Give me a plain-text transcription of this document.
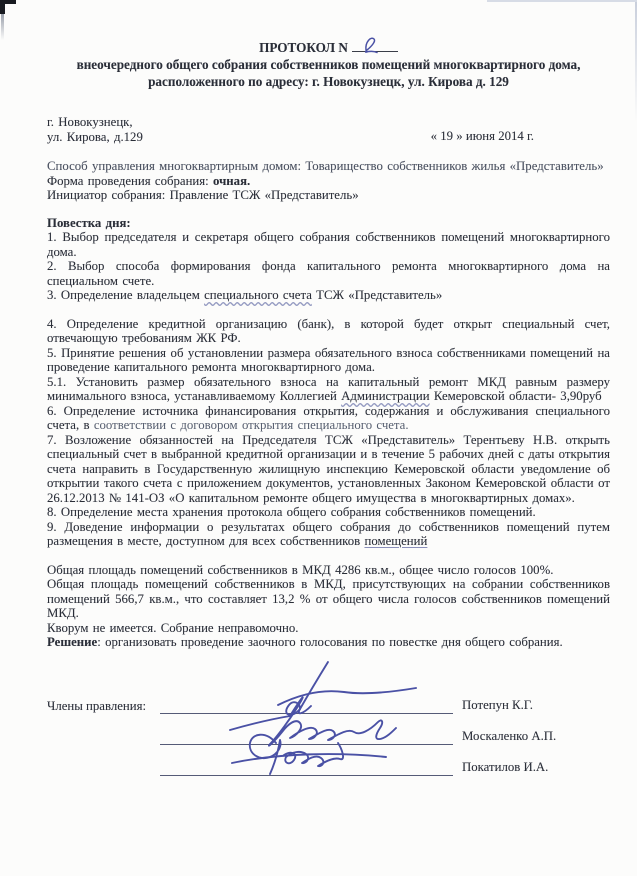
ПРОТОКОЛ N
внеочередного общего собрания собственников помещений многоквартирного дома,
расположенного по адресу: г. Новокузнецк, ул. Кирова д. 129

г. Новокузнецк,

ул. Кирова, д.129	« 19 » июня 2014 г.

Способ управления многоквартирным домом: Товарищество собственников жилья «Представитель»

Форма проведения собрания: очная.

Инициатор собрания: Правление ТСЖ «Представитель»

Повестка дня:

1. Выбор председателя и секретаря общего собрания собственников помещений многоквартирного дома.

2. Выбор способа формирования фонда капитального ремонта многоквартирного дома на специальном счете.

3. Определение владельцем специального счета ТСЖ «Представитель»

4. Определение кредитной организацию (банк), в которой будет открыт специальный счет, отвечающую требованиям ЖК РФ.

5. Принятие решения об установлении размера обязательного взноса собственниками помещений на проведение капитального ремонта многоквартирного дома.

5.1. Установить размер обязательного взноса на капитальный ремонт МКД равным размеру минимального взноса, устанавливаемому Коллегией Администрации Кемеровской области- 3,90руб

6. Определение источника финансирования открытия, содержания и обслуживания специального счета, в соответствии с договором открытия специального счета.

7. Возложение обязанностей на Председателя ТСЖ «Представитель» Терентьеву Н.В. открыть специальный счет в выбранной кредитной организации и в течение 5 рабочих дней с даты открытия счета направить в Государственную жилищную инспекцию Кемеровской области уведомление об открытии такого счета с приложением документов, установленных Законом Кемеровской области от 26.12.2013 № 141-ОЗ «О капитальном ремонте общего имущества в многоквартирных домах».

8. Определение места хранения протокола общего собрания собственников помещений.

9. Доведение информации о результатах общего собрания до собственников помещений путем размещения в месте, доступном для всех собственников помещений

Общая площадь помещений собственников в МКД 4286 кв.м., общее число голосов 100%.

Общая площадь помещений собственников в МКД, присутствующих на собрании собственников помещений 566,7 кв.м., что составляет 13,2 % от общего числа голосов собственников помещений МКД.

Кворум не имеется. Собрание неправомочно.

Решение: организовать проведение заочного голосования по повестке дня общего собрания.

Члены правления:	Потепун К.Г.
Москаленко А.П.
Покатилов И.А.
